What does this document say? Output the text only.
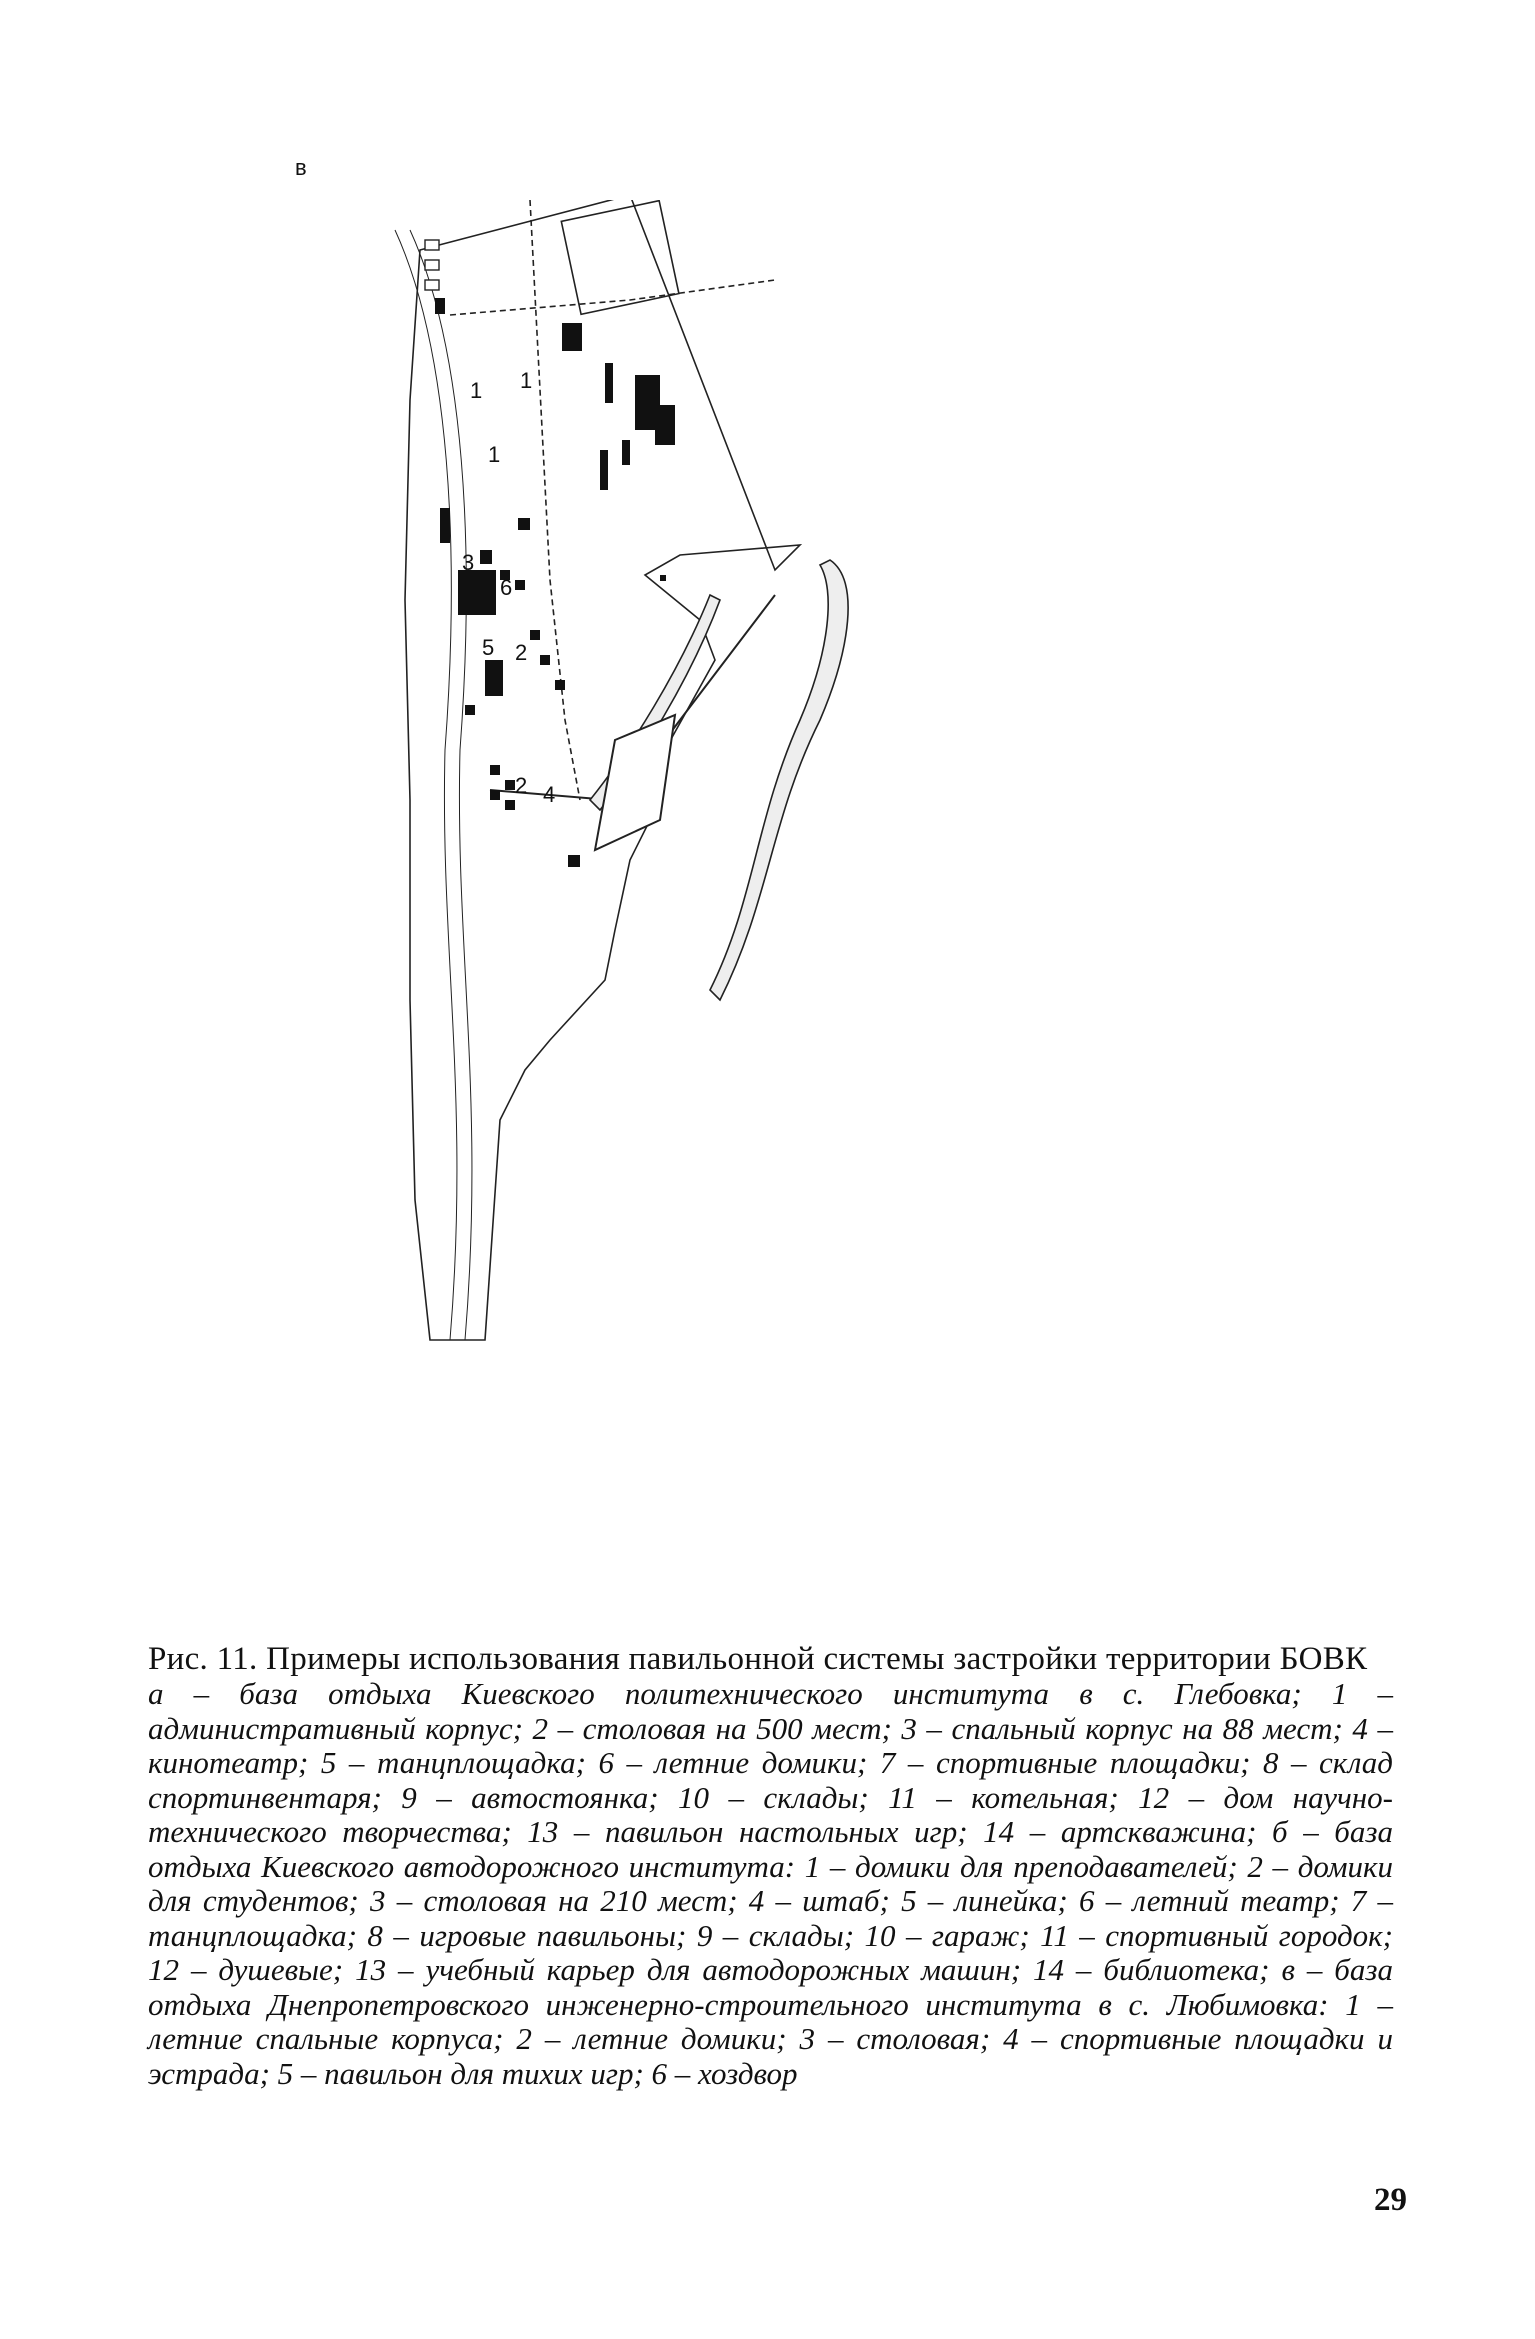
в
1 1
1
3
6
5 2
2 4

Рис. 11. Примеры использования павильонной системы застройки территории БОВК

а – база отдыха Киевского политехнического института в с. Глебовка; 1 – административный корпус; 2 – столовая на 500 мест; 3 – спальный корпус на 88 мест; 4 – кинотеатр; 5 – танцплощадка; 6 – летние домики; 7 – спортивные площадки; 8 – склад спортинвентаря; 9 – автостоянка; 10 – склады; 11 – котельная; 12 – дом научно-технического творчества; 13 – павильон настольных игр; 14 – артскважина; б – база отдыха Киевского автодорожного института: 1 – домики для преподавателей; 2 – домики для студентов; 3 – столовая на 210 мест; 4 – штаб; 5 – линейка; 6 – летний театр; 7 – танцплощадка; 8 – игровые павильоны; 9 – склады; 10 – гараж; 11 – спортивный городок; 12 – душевые; 13 – учебный карьер для автодорожных машин; 14 – библиотека; в – база отдыха Днепропетровского инженерно-строительного института в с. Любимовка: 1 – летние спальные корпуса; 2 – летние домики; 3 – столовая; 4 – спортивные площадки и эстрада; 5 – павильон для тихих игр; 6 – хоздвор

29
